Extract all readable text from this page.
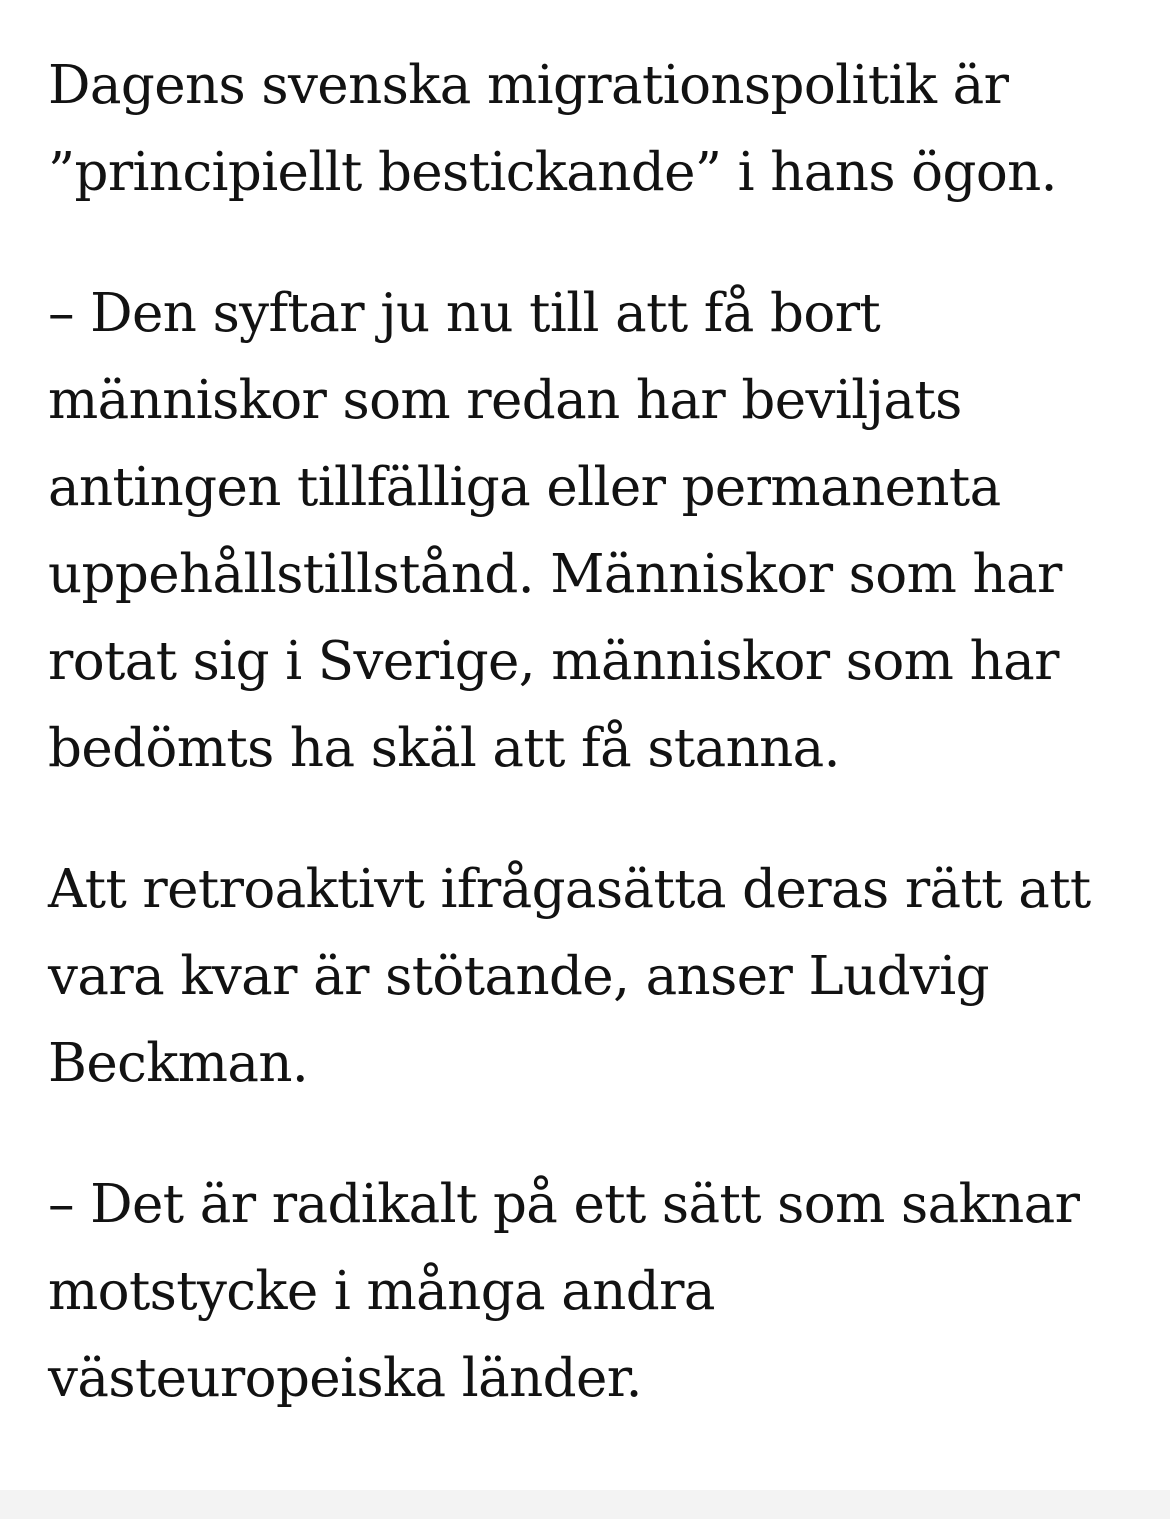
Dagens svenska migrationspolitik är
”principiellt bestickande” i hans ögon.

– Den syftar ju nu till att få bort
människor som redan har beviljats
antingen tillfälliga eller permanenta
uppehållstillstånd. Människor som har
rotat sig i Sverige, människor som har
bedömts ha skäl att få stanna.

Att retroaktivt ifrågasätta deras rätt att
vara kvar är stötande, anser Ludvig
Beckman.

– Det är radikalt på ett sätt som saknar
motstycke i många andra
västeuropeiska länder.
